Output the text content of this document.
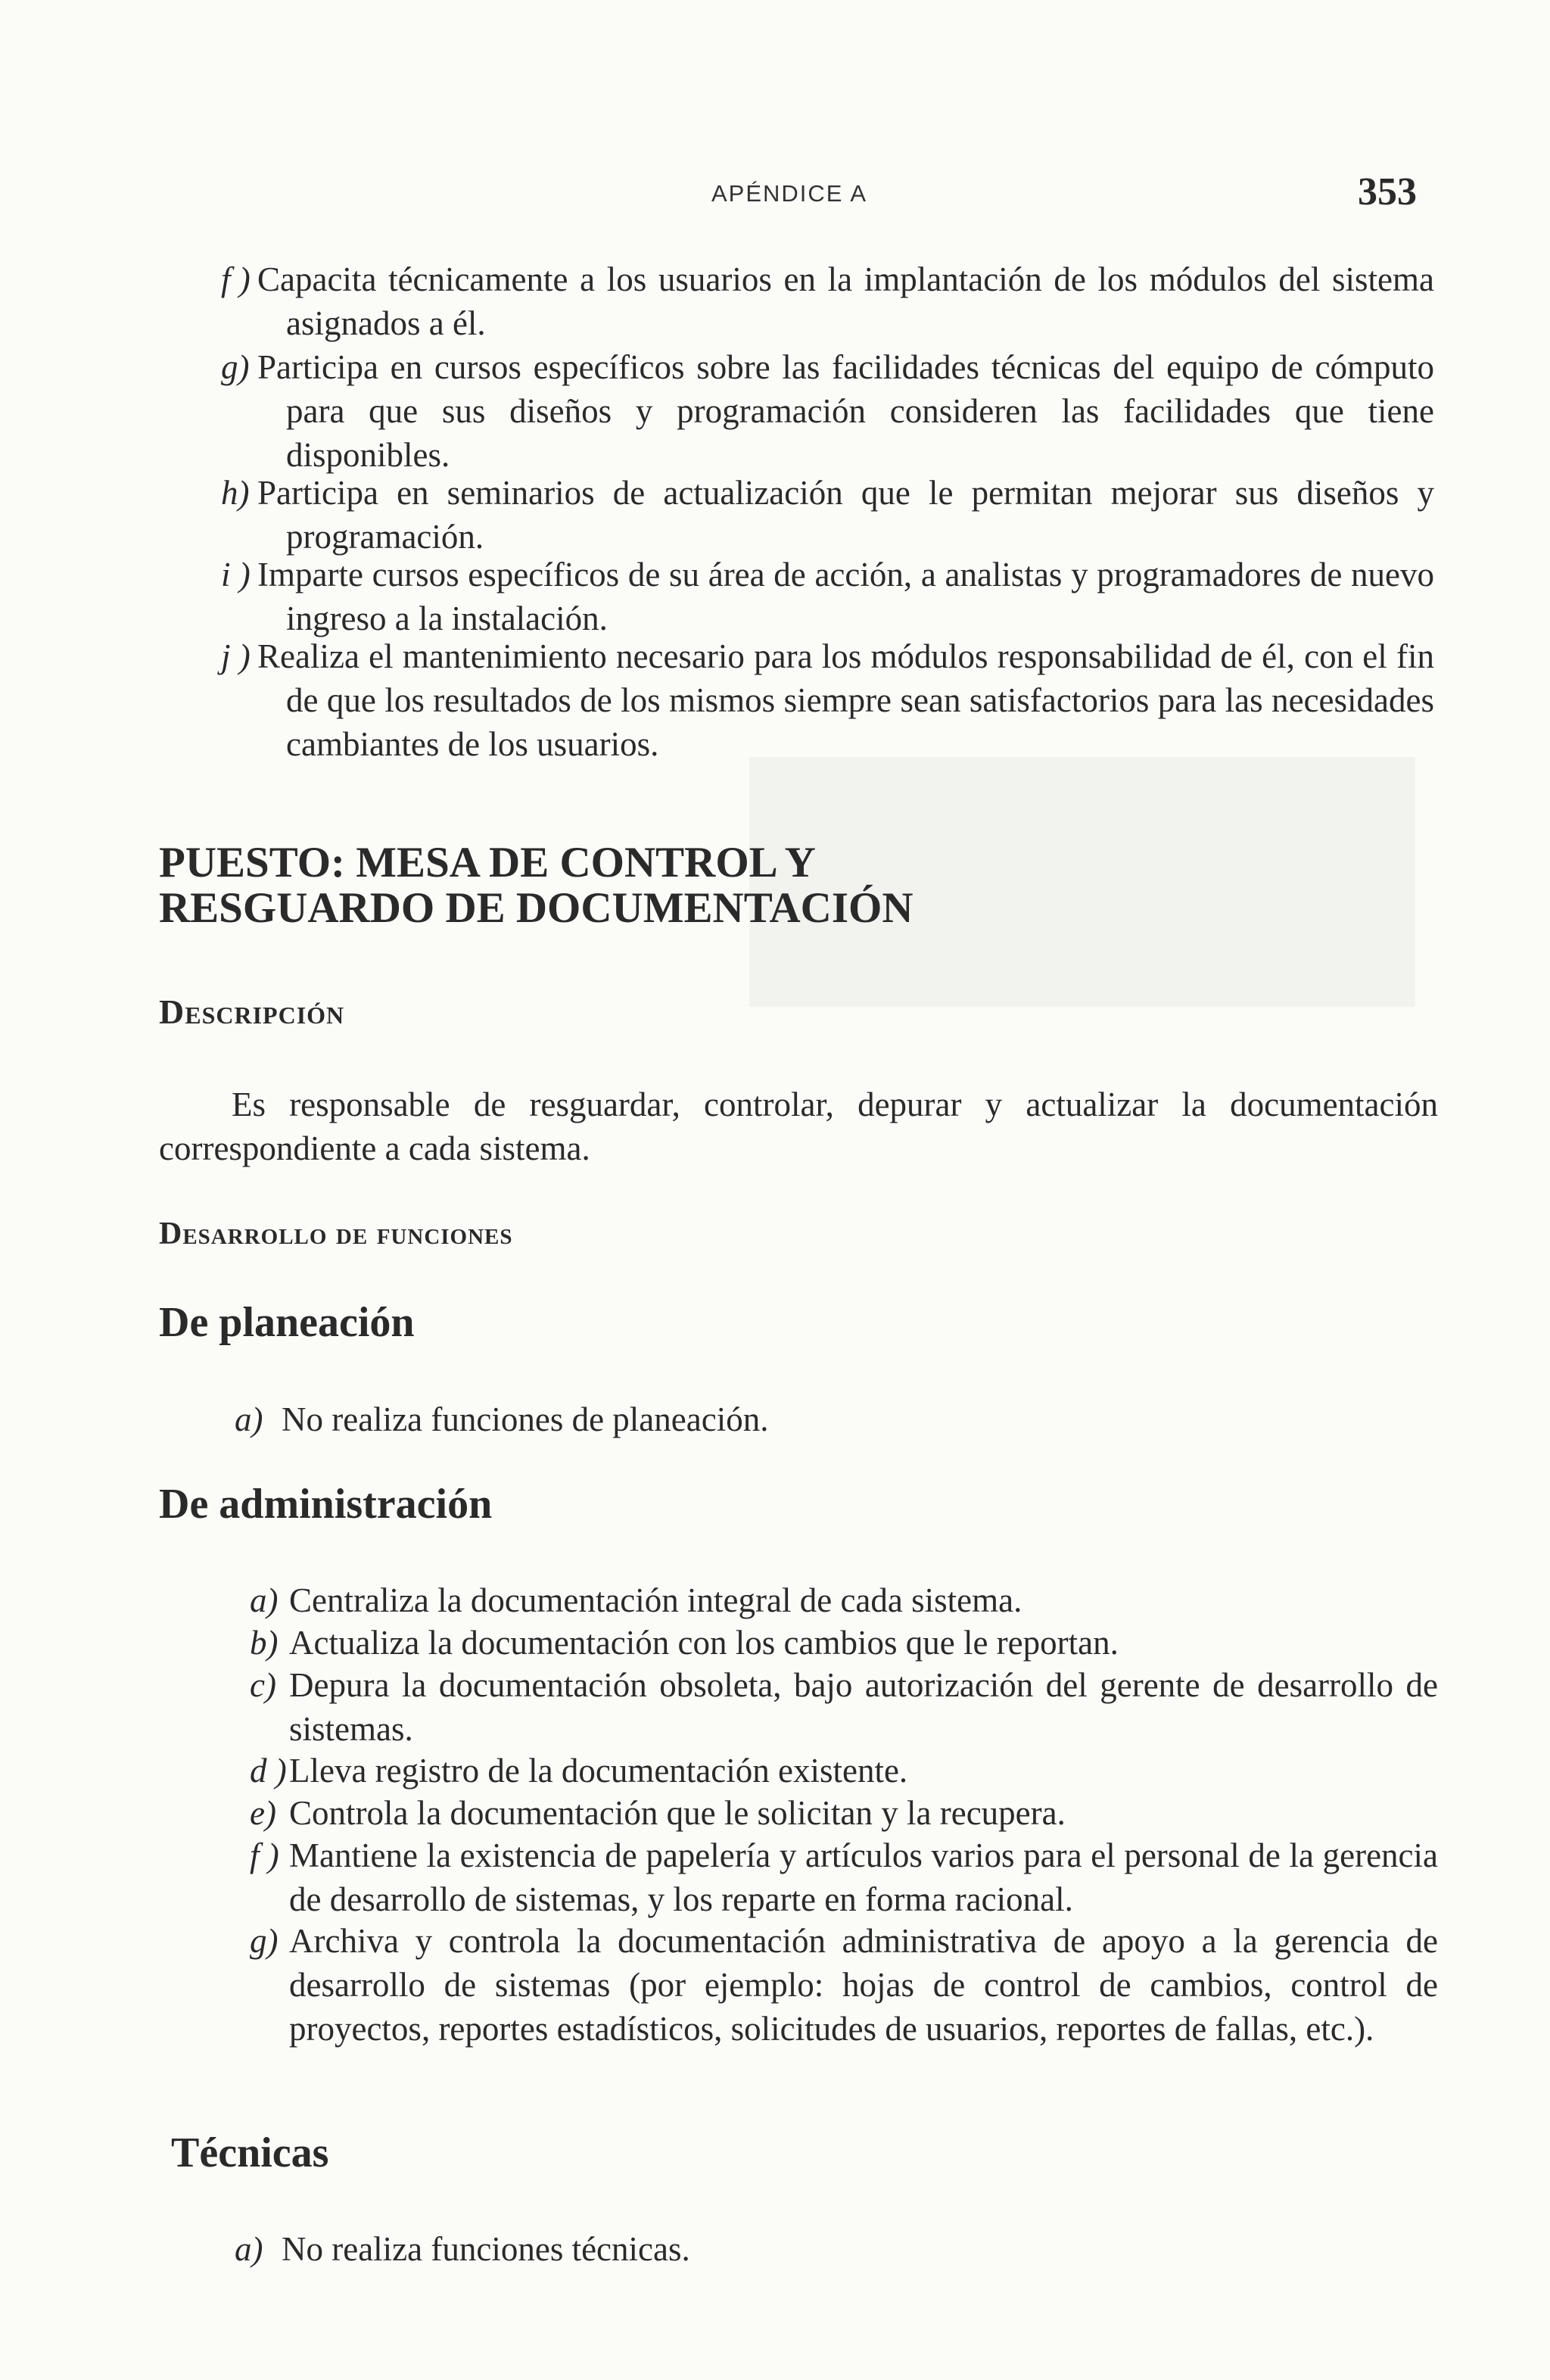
APÉNDICE A	353
f ) Capacita técnicamente a los usuarios en la implantación de los módulos del sistema asignados a él.
g) Participa en cursos específicos sobre las facilidades técnicas del equipo de cómputo para que sus diseños y programación consideren las facilidades que tiene disponibles.
h) Participa en seminarios de actualización que le permitan mejorar sus diseños y programación.
i ) Imparte cursos específicos de su área de acción, a analistas y programadores de nuevo ingreso a la instalación.
j ) Realiza el mantenimiento necesario para los módulos responsabilidad de él, con el fin de que los resultados de los mismos siempre sean satisfactorios para las necesidades cambiantes de los usuarios.
PUESTO: MESA DE CONTROL Y
RESGUARDO DE DOCUMENTACIÓN
Descripción

Es responsable de resguardar, controlar, depurar y actualizar la documentación correspondiente a cada sistema.

Desarrollo de funciones
De planeación
a) No realiza funciones de planeación.
De administración
a) Centraliza la documentación integral de cada sistema.
b) Actualiza la documentación con los cambios que le reportan.
c) Depura la documentación obsoleta, bajo autorización del gerente de desarrollo de sistemas.
d ) Lleva registro de la documentación existente.
e) Controla la documentación que le solicitan y la recupera.
f ) Mantiene la existencia de papelería y artículos varios para el personal de la gerencia de desarrollo de sistemas, y los reparte en forma racional.
g) Archiva y controla la documentación administrativa de apoyo a la gerencia de desarrollo de sistemas (por ejemplo: hojas de control de cambios, control de proyectos, reportes estadísticos, solicitudes de usuarios, reportes de fallas, etc.).
Técnicas
a) No realiza funciones técnicas.
